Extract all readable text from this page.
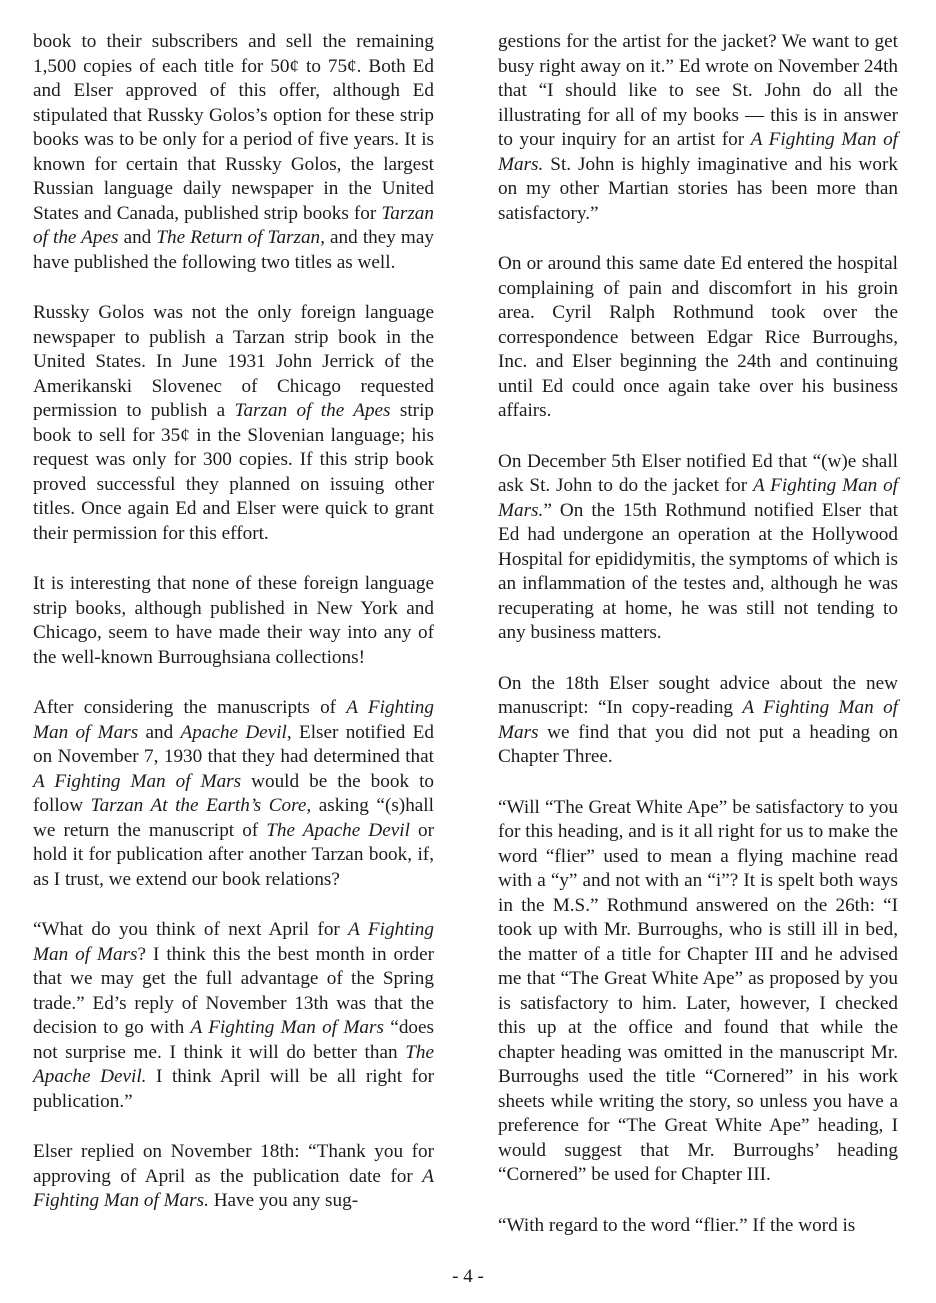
book to their subscribers and sell the remaining 1,500 copies of each title for 50¢ to 75¢. Both Ed and Elser approved of this offer, although Ed stipulated that Russky Golos’s option for these strip books was to be only for a period of five years. It is known for certain that Russky Golos, the largest Russian language daily newspaper in the United States and Canada, published strip books for Tarzan of the Apes and The Return of Tarzan, and they may have published the following two titles as well.

Russky Golos was not the only foreign language newspaper to publish a Tarzan strip book in the United States. In June 1931 John Jerrick of the Amerikanski Slovenec of Chicago requested permission to publish a Tarzan of the Apes strip book to sell for 35¢ in the Slovenian language; his request was only for 300 copies. If this strip book proved successful they planned on issuing other titles. Once again Ed and Elser were quick to grant their permission for this effort.

It is interesting that none of these foreign language strip books, although published in New York and Chicago, seem to have made their way into any of the well-known Burroughsiana collections!

After considering the manuscripts of A Fighting Man of Mars and Apache Devil, Elser notified Ed on November 7, 1930 that they had determined that A Fighting Man of Mars would be the book to follow Tarzan At the Earth’s Core, asking “(s)hall we return the manuscript of The Apache Devil or hold it for publication after another Tarzan book, if, as I trust, we extend our book relations?

“What do you think of next April for A Fighting Man of Mars? I think this the best month in order that we may get the full advantage of the Spring trade.” Ed’s reply of November 13th was that the decision to go with A Fighting Man of Mars “does not surprise me. I think it will do better than The Apache Devil. I think April will be all right for publication.”

Elser replied on November 18th: “Thank you for approving of April as the publication date for A Fighting Man of Mars. Have you any sug-

gestions for the artist for the jacket? We want to get busy right away on it.” Ed wrote on November 24th that “I should like to see St. John do all the illustrating for all of my books — this is in answer to your inquiry for an artist for A Fighting Man of Mars. St. John is highly imaginative and his work on my other Martian stories has been more than satisfactory.”

On or around this same date Ed entered the hospital complaining of pain and discomfort in his groin area. Cyril Ralph Rothmund took over the correspondence between Edgar Rice Burroughs, Inc. and Elser beginning the 24th and continuing until Ed could once again take over his business affairs.

On December 5th Elser notified Ed that “(w)e shall ask St. John to do the jacket for A Fighting Man of Mars.” On the 15th Rothmund notified Elser that Ed had undergone an operation at the Hollywood Hospital for epididymitis, the symptoms of which is an inflammation of the testes and, although he was recuperating at home, he was still not tending to any business matters.

On the 18th Elser sought advice about the new manuscript: “In copy-reading A Fighting Man of Mars we find that you did not put a heading on Chapter Three.

“Will “The Great White Ape” be satisfactory to you for this heading, and is it all right for us to make the word “flier” used to mean a flying machine read with a “y” and not with an “i”? It is spelt both ways in the M.S.” Rothmund answered on the 26th: “I took up with Mr. Burroughs, who is still ill in bed, the matter of a title for Chapter III and he advised me that “The Great White Ape” as proposed by you is satisfactory to him. Later, however, I checked this up at the office and found that while the chapter heading was omitted in the manuscript Mr. Burroughs used the title “Cornered” in his work sheets while writing the story, so unless you have a preference for “The Great White Ape” heading, I would suggest that Mr. Burroughs’ heading “Cornered” be used for Chapter III.

“With regard to the word “flier.” If the word is

- 4 -
